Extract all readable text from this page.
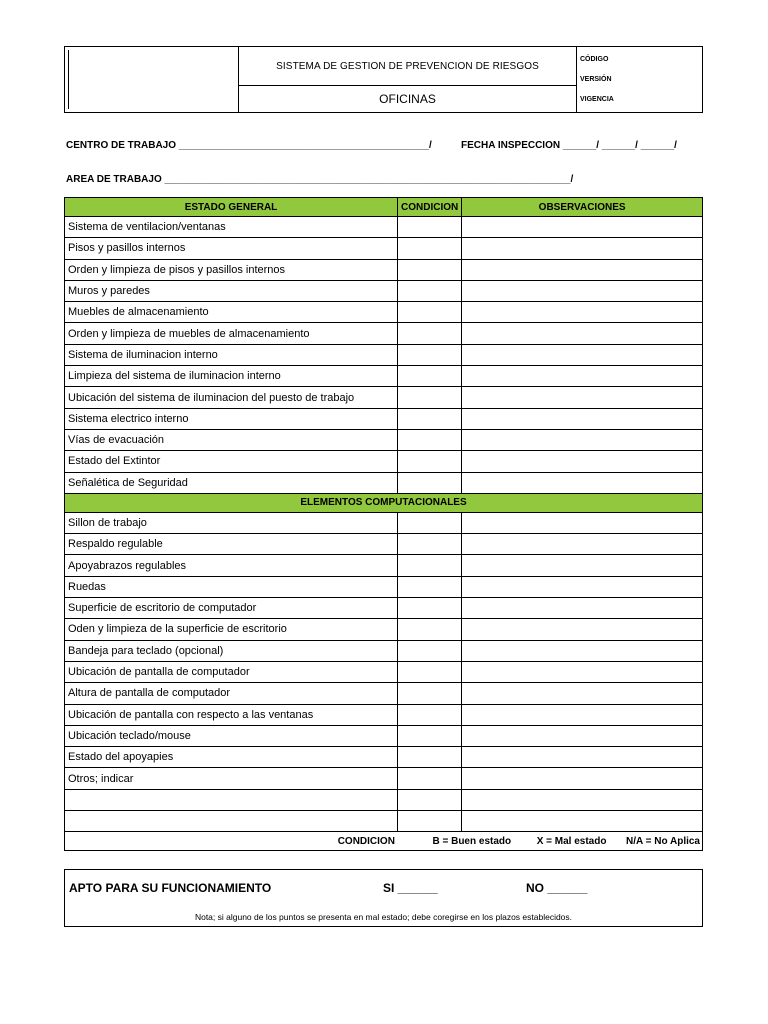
SISTEMA DE GESTION DE PREVENCION DE RIESGOS
OFICINAS
CÓDIGO
VERSIÓN
VIGENCIA
CENTRO DE TRABAJO _____________________________________________/	FECHA INSPECCION ______/ ______/ ______/
AREA DE TRABAJO _________________________________________________________________________/
ESTADO GENERAL	CONDICION	OBSERVACIONES
Sistema de ventilacion/ventanas		
Pisos y pasillos internos		
Orden y limpieza de pisos y pasillos internos		
Muros y paredes		
Muebles de almacenamiento		
Orden y limpieza de muebles de almacenamiento		
Sistema de iluminacion interno		
Limpieza del sistema de iluminacion interno		
Ubicación del sistema de iluminacion del puesto de trabajo		
Sistema electrico interno		
Vías de evacuación		
Estado del Extintor		
Señalética de Seguridad		
ELEMENTOS COMPUTACIONALES		
Sillon de trabajo		
Respaldo regulable		
Apoyabrazos regulables		
Ruedas		
Superficie de escritorio de computador		
Oden y limpieza de la superficie de escritorio		
Bandeja para teclado (opcional)		
Ubicación de pantalla de computador		
Altura de pantalla de computador		
Ubicación de pantalla con respecto a las ventanas		
Ubicación teclado/mouse		
Estado del apoyapies		
Otros; indicar		

CONDICION B = Buen estado X = Mal estado N/A = No Aplica		
APTO PARA SU FUNCIONAMIENTO	SI ______	NO ______
Nota; si alguno de los puntos se presenta en mal estado; debe coregirse en los plazos establecidos.
